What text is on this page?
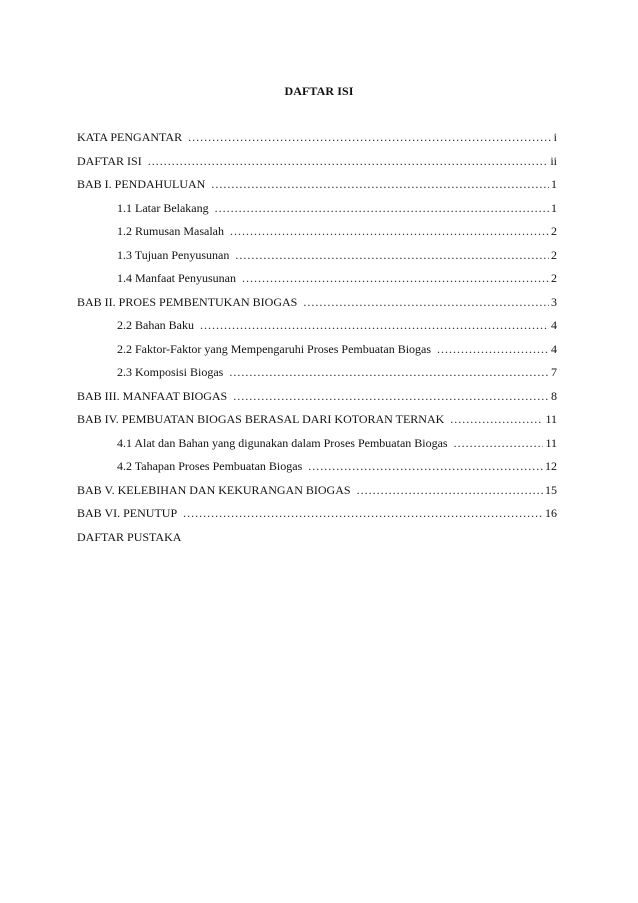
DAFTAR ISI
KATA PENGANTAR .....	i
DAFTAR ISI .....	ii
BAB I. PENDAHULUAN .....	1
1.1 Latar Belakang .....	1
1.2 Rumusan Masalah .....	2
1.3 Tujuan Penyusunan .....	2
1.4 Manfaat Penyusunan .....	2
BAB II. PROES PEMBENTUKAN BIOGAS .....	3
2.2 Bahan Baku .....	4
2.2 Faktor-Faktor yang Mempengaruhi Proses Pembuatan Biogas .....	4
2.3 Komposisi Biogas .....	7
BAB III. MANFAAT BIOGAS .....	8
BAB IV. PEMBUATAN BIOGAS BERASAL DARI KOTORAN TERNAK .....	11
4.1 Alat dan Bahan yang digunakan dalam Proses Pembuatan Biogas .....	11
4.2 Tahapan Proses Pembuatan Biogas .....	12
BAB V. KELEBIHAN DAN KEKURANGAN BIOGAS .....	15
BAB VI. PENUTUP .....	16
DAFTAR PUSTAKA
